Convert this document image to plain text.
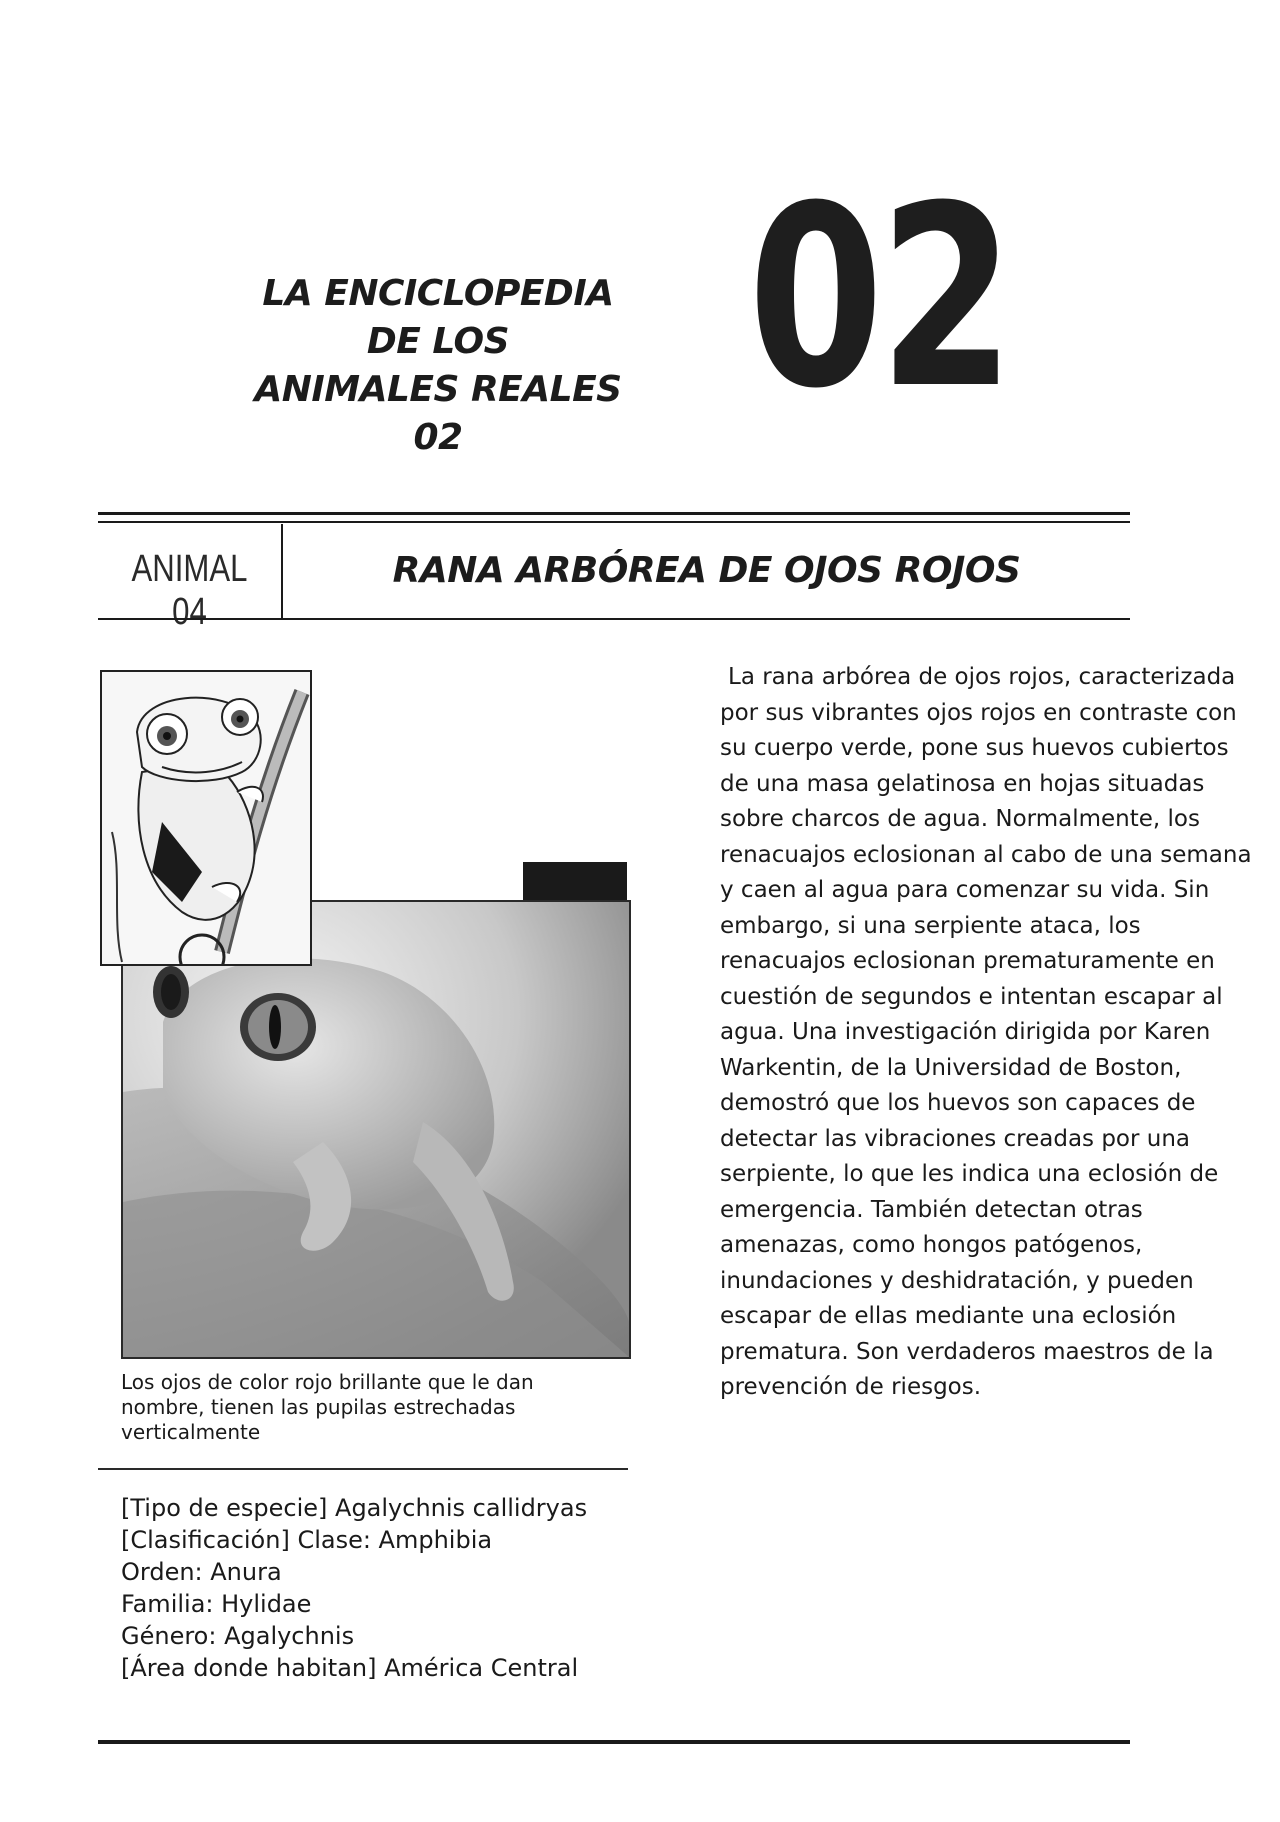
LA ENCICLOPEDIA DE LOS
ANIMALES REALES 02	02
ANIMAL 04
RANA ARBÓREA DE OJOS ROJOS
Los ojos de color rojo brillante que le dan nombre, tienen las pupilas estrechadas verticalmente
[Tipo de especie] Agalychnis callidryas
[Clasificación] Clase: Amphibia
Orden: Anura
Familia: Hylidae
Género: Agalychnis
[Área donde habitan] América Central
La rana arbórea de ojos rojos, caracterizada por sus vibrantes ojos rojos en contraste con su cuerpo verde, pone sus huevos cubiertos de una masa gelatinosa en hojas situadas sobre charcos de agua. Normalmente, los renacuajos eclosionan al cabo de una semana y caen al agua para comenzar su vida. Sin embargo, si una serpiente ataca, los renacuajos eclosionan prematuramente en cuestión de segundos e intentan escapar al agua. Una investigación dirigida por Karen Warkentin, de la Universidad de Boston, demostró que los huevos son capaces de detectar las vibraciones creadas por una serpiente, lo que les indica una eclosión de emergencia. También detectan otras amenazas, como hongos patógenos, inundaciones y deshidratación, y pueden escapar de ellas mediante una eclosión prematura. Son verdaderos maestros de la prevención de riesgos.
